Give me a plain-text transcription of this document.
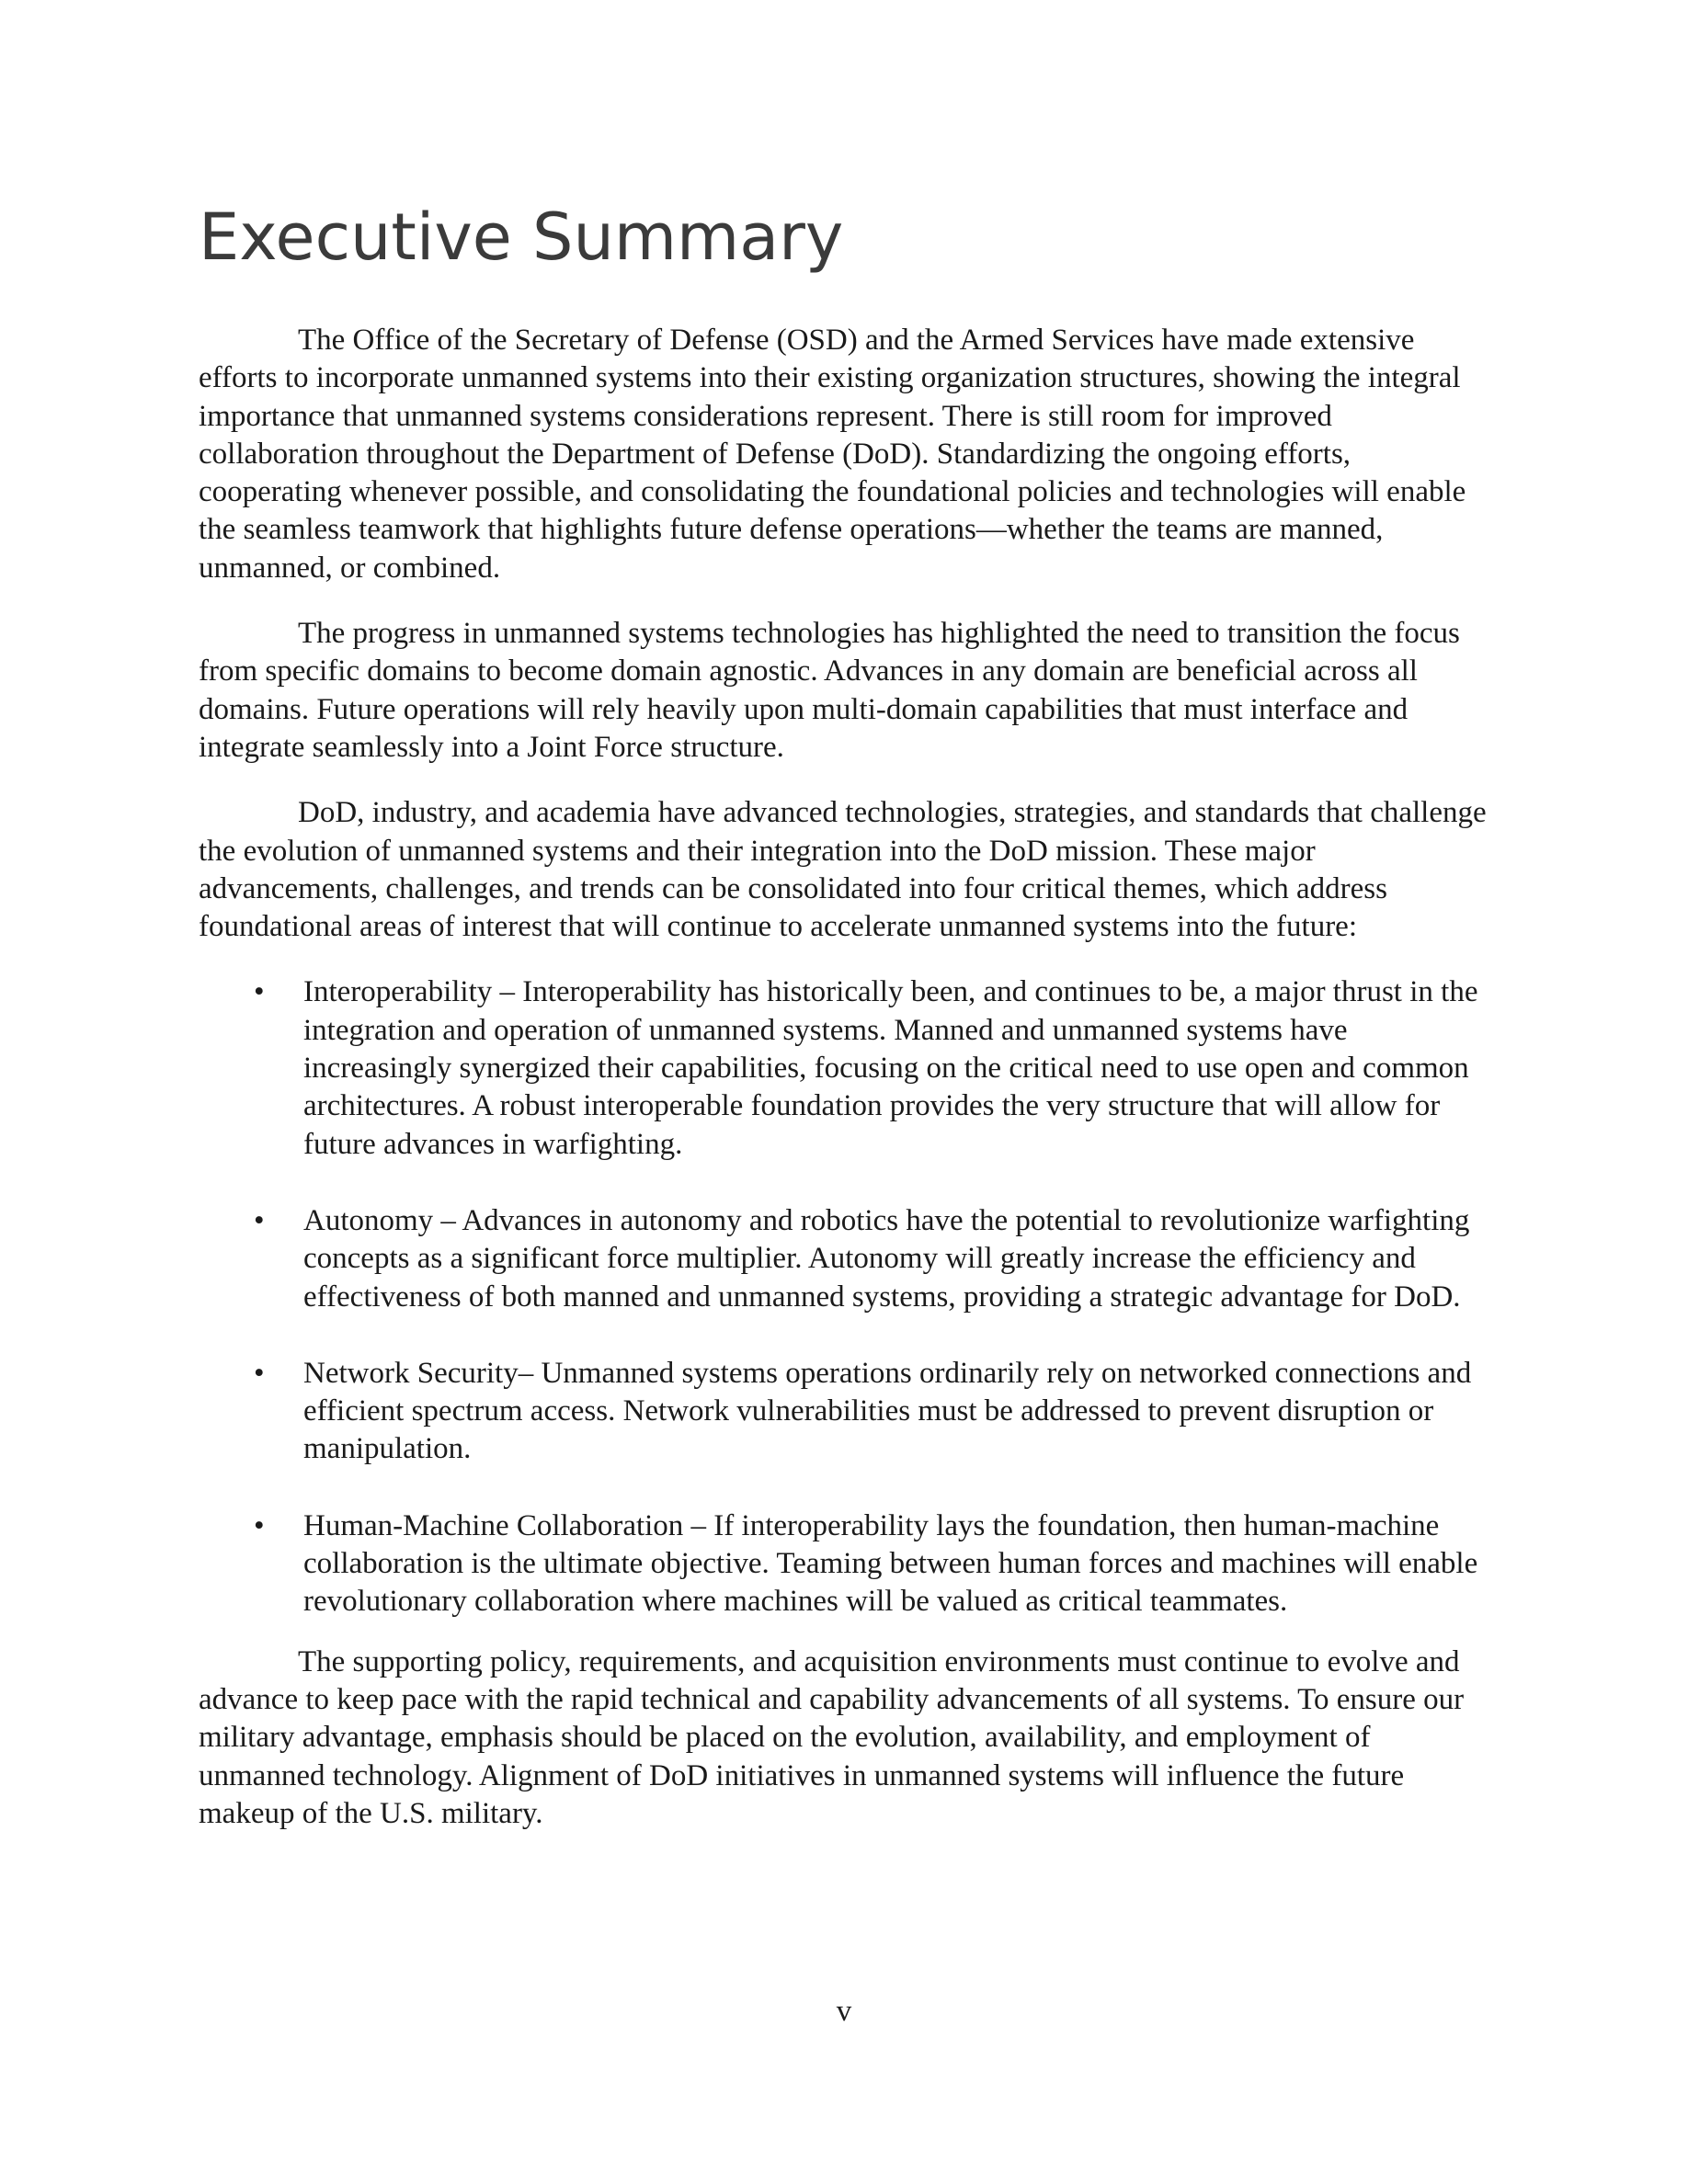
Executive Summary

The Office of the Secretary of Defense (OSD) and the Armed Services have made extensive efforts to incorporate unmanned systems into their existing organization structures, showing the integral importance that unmanned systems considerations represent. There is still room for improved collaboration throughout the Department of Defense (DoD). Standardizing the ongoing efforts, cooperating whenever possible, and consolidating the foundational policies and technologies will enable the seamless teamwork that highlights future defense operations—whether the teams are manned, unmanned, or combined.

The progress in unmanned systems technologies has highlighted the need to transition the focus from specific domains to become domain agnostic. Advances in any domain are beneficial across all domains. Future operations will rely heavily upon multi-domain capabilities that must interface and integrate seamlessly into a Joint Force structure.

DoD, industry, and academia have advanced technologies, strategies, and standards that challenge the evolution of unmanned systems and their integration into the DoD mission. These major advancements, challenges, and trends can be consolidated into four critical themes, which address foundational areas of interest that will continue to accelerate unmanned systems into the future:

• Interoperability – Interoperability has historically been, and continues to be, a major thrust in the integration and operation of unmanned systems. Manned and unmanned systems have increasingly synergized their capabilities, focusing on the critical need to use open and common architectures. A robust interoperable foundation provides the very structure that will allow for future advances in warfighting.
• Autonomy – Advances in autonomy and robotics have the potential to revolutionize warfighting concepts as a significant force multiplier. Autonomy will greatly increase the efficiency and effectiveness of both manned and unmanned systems, providing a strategic advantage for DoD.
• Network Security– Unmanned systems operations ordinarily rely on networked connections and efficient spectrum access. Network vulnerabilities must be addressed to prevent disruption or manipulation.
• Human-Machine Collaboration – If interoperability lays the foundation, then human-machine collaboration is the ultimate objective. Teaming between human forces and machines will enable revolutionary collaboration where machines will be valued as critical teammates.

The supporting policy, requirements, and acquisition environments must continue to evolve and advance to keep pace with the rapid technical and capability advancements of all systems. To ensure our military advantage, emphasis should be placed on the evolution, availability, and employment of unmanned technology. Alignment of DoD initiatives in unmanned systems will influence the future makeup of the U.S. military.

v
